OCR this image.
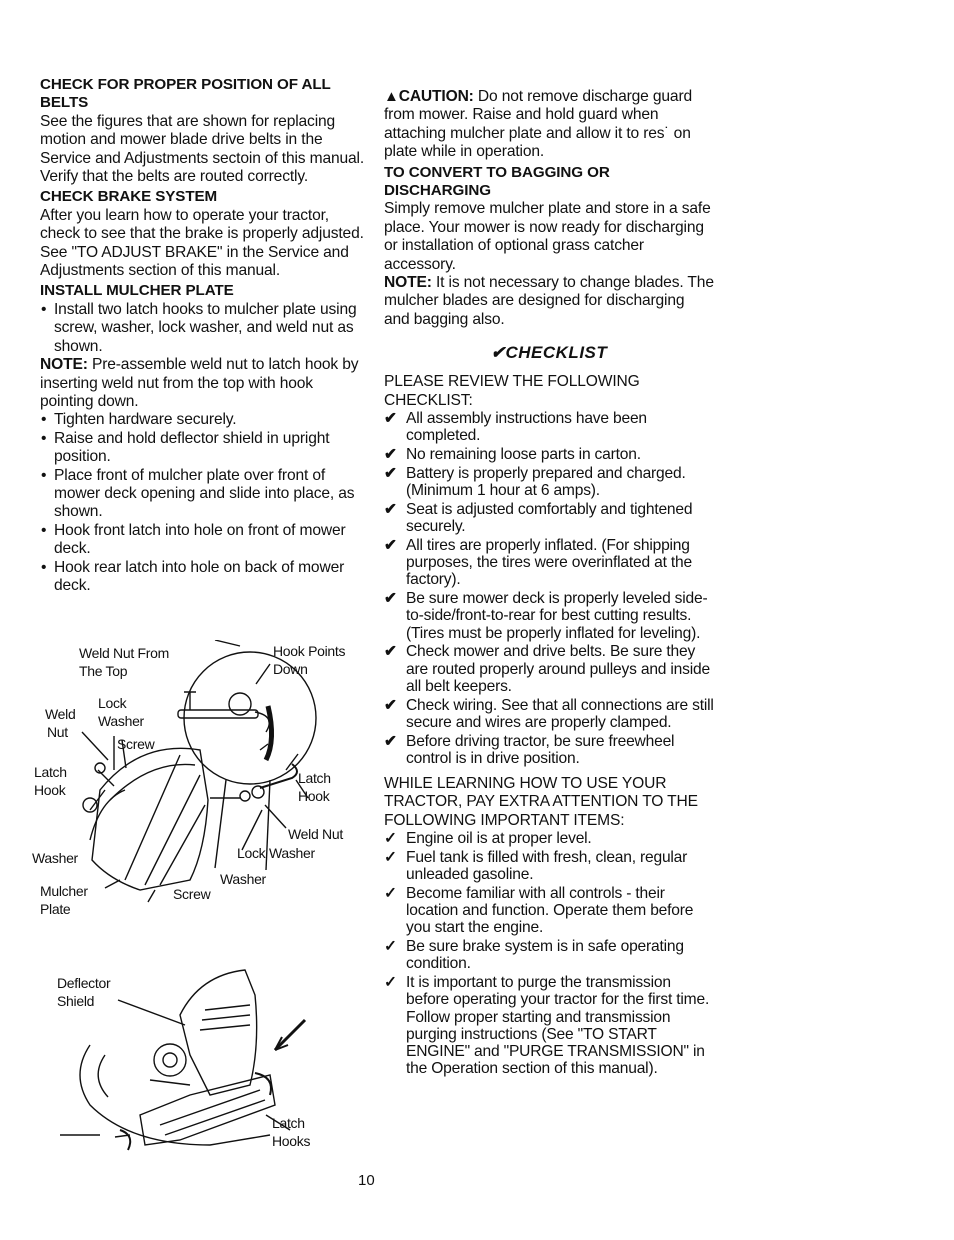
CHECK FOR PROPER POSITION OF ALL BELTS

See the figures that are shown for replacing motion and mower blade drive belts in the Service and Adjustments sectoin of this manual. Verify that the belts are routed correctly.

CHECK BRAKE SYSTEM

After you learn how to operate your tractor, check to see that the brake is properly adjusted. See "TO ADJUST BRAKE" in the Service and Adjustments section of this manual.

INSTALL MULCHER PLATE

• Install two latch hooks to mulcher plate using screw, washer, lock washer, and weld nut as shown.

NOTE: Pre-assemble weld nut to latch hook by inserting weld nut from the top with hook pointing down.

• Tighten hardware securely.
• Raise and hold deflector shield in upright position.
• Place front of mulcher plate over front of mower deck opening and slide into place, as shown.
• Hook front latch into hole on front of mower deck.
• Hook rear latch into hole on back of mower deck.
Weld Nut From
The Top
Hook Points
Down
Lock
Weld Washer
Nut
Screw
Latch
Hook
Latch
Hook
Weld Nut
Washer	Lock Washer
Washer
Mulcher
Plate
Screw
Deflector
Shield
Latch
Hooks

▲CAUTION: Do not remove discharge guard from mower. Raise and hold guard when attaching mulcher plate and allow it to res˙ on plate while in operation.

TO CONVERT TO BAGGING OR DISCHARGING

Simply remove mulcher plate and store in a safe place. Your mower is now ready for discharging or installation of optional grass catcher accessory.

NOTE: It is not necessary to change blades. The mulcher blades are designed for discharging and bagging also.

✔CHECKLIST

PLEASE REVIEW THE FOLLOWING CHECKLIST:

✔ All assembly instructions have been completed.
✔ No remaining loose parts in carton.
✔ Battery is properly prepared and charged. (Minimum 1 hour at 6 amps).
✔ Seat is adjusted comfortably and tightened securely.
✔ All tires are properly inflated. (For shipping purposes, the tires were overinflated at the factory).
✔ Be sure mower deck is properly leveled side-to-side/front-to-rear for best cutting results. (Tires must be properly inflated for leveling).
✔ Check mower and drive belts. Be sure they are routed properly around pulleys and inside all belt keepers.
✔ Check wiring. See that all connections are still secure and wires are properly clamped.
✔ Before driving tractor, be sure freewheel control is in drive position.

WHILE LEARNING HOW TO USE YOUR TRACTOR, PAY EXTRA ATTENTION TO THE FOLLOWING IMPORTANT ITEMS:

✓ Engine oil is at proper level.
✓ Fuel tank is filled with fresh, clean, regular unleaded gasoline.
✓ Become familiar with all controls - their location and function. Operate them before you start the engine.
✓ Be sure brake system is in safe operating condition.
✓ It is important to purge the transmission before operating your tractor for the first time. Follow proper starting and transmission purging instructions (See "TO START ENGINE" and "PURGE TRANSMISSION" in the Operation section of this manual).
10
